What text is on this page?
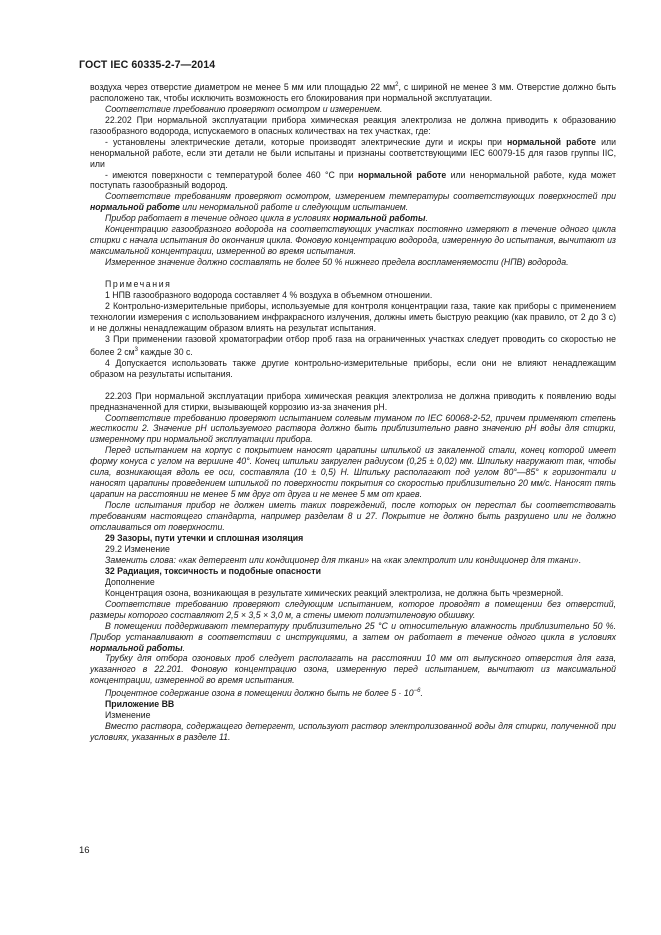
ГОСТ IEC 60335-2-7—2014

воздуха через отверстие диаметром не менее 5 мм или площадью 22 $мм^2$, с шириной не менее 3 мм. Отверстие должно быть расположено так, чтобы исключить возможность его блокирования при нормальной эксплуатации.

Соответствие требованию проверяют осмотром и измерением.

22.202 При нормальной эксплуатации прибора химическая реакция электролиза не должна приводить к образованию газообразного водорода, испускаемого в опасных количествах на тех участках, где:

- установлены электрические детали, которые производят электрические дуги и искры при нормальной работе или ненормальной работе, если эти детали не были испытаны и признаны соответствующими IEC 60079-15 для газов группы IIC, или

- имеются поверхности с температурой более 460 °C при нормальной работе или ненормальной работе, куда может поступать газообразный водород.

Соответствие требованиям проверяют осмотром, измерением температуры соответствующих поверхностей при нормальной работе или ненормальной работе и следующим испытанием.

Прибор работает в течение одного цикла в условиях нормальной работы.

Концентрацию газообразного водорода на соответствующих участках постоянно измеряют в течение одного цикла стирки с начала испытания до окончания цикла. Фоновую концентрацию водорода, измеренную до испытания, вычитают из максимальной концентрации, измеренной во время испытания.

Измеренное значение должно составлять не более 50 % нижнего предела воспламеняемости (НПВ) водорода.

Примечания

1 НПВ газообразного водорода составляет 4 % воздуха в объемном отношении.

2 Контрольно-измерительные приборы, используемые для контроля концентрации газа, такие как приборы с применением технологии измерения с использованием инфракрасного излучения, должны иметь быструю реакцию (как правило, от 2 до 3 с) и не должны ненадлежащим образом влиять на результат испытания.

3 При применении газовой хроматографии отбор проб газа на ограниченных участках следует проводить со скоростью не более 2 $см^3$ каждые 30 с.

4 Допускается использовать также другие контрольно-измерительные приборы, если они не влияют ненадлежащим образом на результаты испытания.

22.203 При нормальной эксплуатации прибора химическая реакция электролиза не должна приводить к появлению воды предназначенной для стирки, вызывающей коррозию из-за значения pH.

Соответствие требованию проверяют испытанием солевым туманом по IEC 60068-2-52, причем применяют степень жесткости 2. Значение pH используемого раствора должно быть приблизительно равно значению pH воды для стирки, измеренному при нормальной эксплуатации прибора.

Перед испытанием на корпус с покрытием наносят царапины шпилькой из закаленной стали, конец которой имеет форму конуса с углом на вершине 40°. Конец шпильки закруглен радиусом (0,25 ± 0,02) мм. Шпильку нагружают так, чтобы сила, возникающая вдоль ее оси, составляла (10 ± 0,5) Н. Шпильку располагают под углом 80°—85° к горизонтали и наносят царапины проведением шпилькой по поверхности покрытия со скоростью приблизительно 20 мм/с. Наносят пять царапин на расстоянии не менее 5 мм друг от друга и не менее 5 мм от краев.

После испытания прибор не должен иметь таких повреждений, после которых он перестал бы соответствовать требованиям настоящего стандарта, например разделам 8 и 27. Покрытие не должно быть разрушено или не должно отслаиваться от поверхности.

29 Зазоры, пути утечки и сплошная изоляция

29.2 Изменение

Заменить слова: «как детергент или кондиционер для ткани» на «как электролит или кондиционер для ткани».

32 Радиация, токсичность и подобные опасности

Дополнение

Концентрация озона, возникающая в результате химических реакций электролиза, не должна быть чрезмерной.

Соответствие требованию проверяют следующим испытанием, которое проводят в помещении без отверстий, размеры которого составляют 2,5 × 3,5 × 3,0 м, а стены имеют полиэтиленовую обшивку.

В помещении поддерживают температуру приблизительно 25 °C и относительную влажность приблизительно 50 %. Прибор устанавливают в соответствии с инструкциями, а затем он работает в течение одного цикла в условиях нормальной работы.

Трубку для отбора озоновых проб следует располагать на расстоянии 10 мм от выпускного отверстия для газа, указанного в 22.201. Фоновую концентрацию озона, измеренную перед испытанием, вычитают из максимальной концентрации, измеренной во время испытания.

Процентное содержание озона в помещении должно быть не более $5 \cdot 10^{-6}$.

Приложение BB

Изменение

Вместо раствора, содержащего детергент, используют раствор электролизованной воды для стирки, полученной при условиях, указанных в разделе 11.

16
